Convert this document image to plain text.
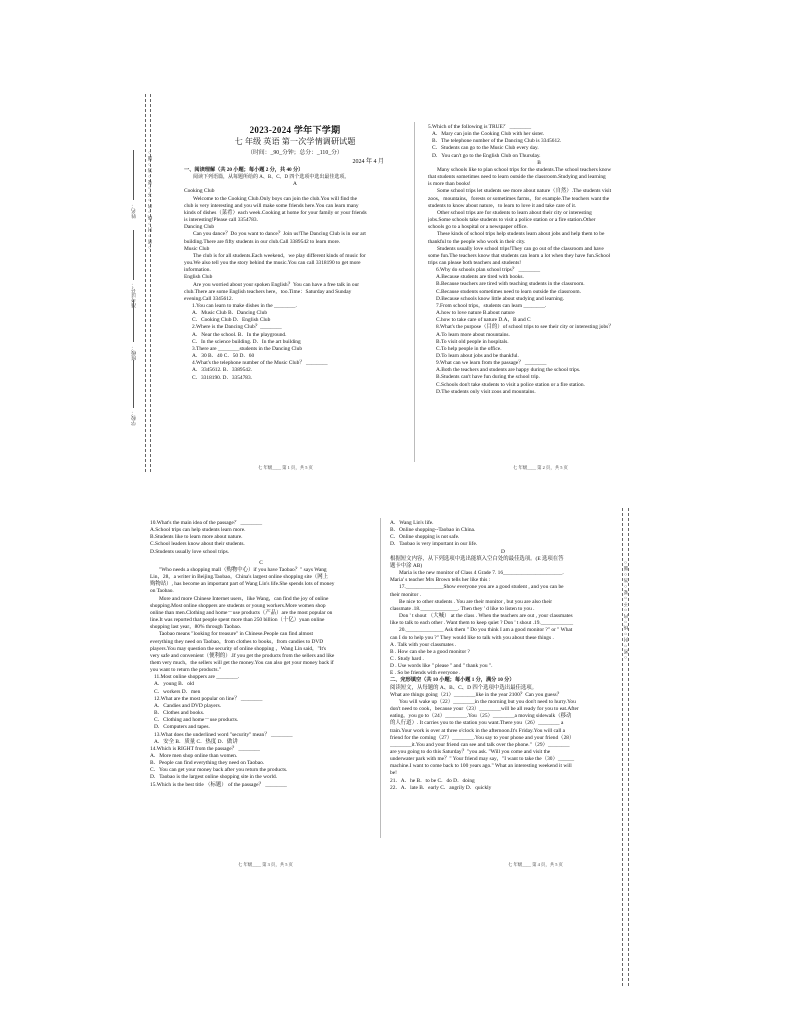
○ 密 ○ 封 ○ 线 ○ 内 ○ 不 ○ 要 ○ 答 ○ 题 ○
姓名：
准考证号：
班级：
学校：
○ 密 ○ 封 ○ 线 ○ 内 ○ 不 ○ 要 ○ 答 ○ 题 ○
2023-2024 学年下学期
七 年级 英语 第一次学情调研试题
（时间：_90_分钟；总分：_110_分）
2024 年 4 月
一、阅读理解（共 20 小题；每小题 2 分，共 40 分）
阅读下列语篇，从每题所给的 A、B、C、D 四个选项中选出最佳选项。
A
Cooking Club
Welcome to the Cooking Club.Only boys can join the club.You will find the
club is very interesting and you will make some friends here.You can learn many
kinds of dishes（菜肴）each week.Cooking at home for your family or your friends
is interesting!Please call 3354783.
Dancing Club
Can you dance？Do you want to dance？Join us!The Dancing Club is in our art
building.There are fifty students in our club.Call 3389542 to learn more.
Music Club
The club is for all students.Each weekend，we play different kinds of music for
you.We also tell you the story behind the music.You can call 3318190 to get more
information.
English Club
Are you worried about your spoken English？You can have a free talk in our
club.There are some English teachers here，too.Time：Saturday and Sunday
evening.Call 3345612.
1.You can learn to make dishes in the ________.
A．Music Club B．Dancing Club
C．Cooking Club D．English Club
2.Where is the Dancing Club？________
A．Near the school. B．In the playground.
C．In the science building. D．In the art building
3.There are ________students in the Dancing Club
A．30 B．40 C．50 D．60
4.What's the telephone number of the Music Club？ ________
A．3345612. B．3389542.
C．3318190. D．3354783.
七 年级____ 第 1 页，共 5 页
5.Which of the following is TRUE？ ________
A．Mary can join the Cooking Club with her sister.
B．The telephone number of the Dancing Club is 3345612.
C．Students can go to the Music Club every day.
D．You can't go to the English Club on Thursday.
B
Many schools like to plan school trips for the students.The school teachers know
that students sometimes need to learn outside the classroom.Studying and learning
is more than books!
Some school trips let students see more about nature（自然）.The students visit
zoos，mountains，forests or sometimes farms，for example.The teachers want the
students to know about nature，to learn to love it and take care of it.
Other school trips are for students to learn about their city or interesting
jobs.Some schools take students to visit a police station or a fire station.Other
schools go to a hospital or a newspaper office.
These kinds of school trips help students learn about jobs and help them to be
thankful to the people who work in their city.
Students usually love school trips!They can go out of the classroom and have
some fun.The teachers know that students can learn a lot when they have fun.School
trips can please both teachers and students!
6.Why do schools plan school trips？ ________
A.Because students are tired with books.
B.Because teachers are tired with teaching students in the classroom.
C.Because students sometimes need to learn outside the classroom.
D.Because schools know little about studying and learning.
7.From school trips，students can learn ________.
A.how to love nature B.about nature
C.how to take care of nature D.A，B and C
8.What's the purpose（目的）of school trips to see their city or interesting jobs？
A.To learn more about mountains.
B.To visit old people in hospitals.
C.To help people in the office.
D.To learn about jobs and be thankful.
9.What can we learn from the passage？ ________
A.Both the teachers and students are happy during the school trips.
B.Students can't have fun during the school trip.
C.Schools don't take students to visit a police station or a fire station.
D.The students only visit zoos and mountains.
七 年级____ 第 2 页，共 5 页
10.What's the main idea of the passage？ ________
A.School trips can help students learn more.
B.Students like to learn more about nature.
C.School leaders know about their students.
D.Students usually love school trips.
C
"Who needs a shopping mall（购物中心）if you have Taobao？" says Wang
Lin，28，a writer in Beijing.Taobao，China's largest online shopping site（网上
购物站）, has become an important part of Wang Lin's life.She spends lots of money
on Taobao.
More and more Chinese Internet users，like Wang，can find the joy of online
shopping.Most online shoppers are students or young workers.More women shop
online than men.Clothing and home－use products（产品）are the most popular on
line.It was reported that people spent more than 250 billion（十亿）yuan online
shopping last year，80% through Taobao.
Taobao means "looking for treasure" in Chinese.People can find almost
everything they need on Taobao，from clothes to books，from candies to DVD
players.You may question the security of online shopping ，Wang Lin said，"It's
very safe and convenient（便利的）.If you get the products from the sellers and like
them very much，the sellers will get the money.You can also get your money back if
you want to return the products."
11.Most online shoppers are ________.
A．young B．old
C．workers D．men
12.What are the most popular on line？ ________
A．Candies and DVD players.
B．Clothes and books.
C．Clothing and home－use products.
D．Computers and tapes.
13.What does the underlined word "security" mean？ ________
A．安全 B．质量 C．热度 D．做讲
14.Which is RIGHT from the passage？ ________
A．More men shop online than women.
B．People can find everything they need on Taobao.
C．You can get your money back after you return the products.
D．Taobao is the largest online shopping site in the world.
15.Which is the best title （标题） of the passage？ ________
七 年级____ 第 3 页，共 5 页
A．Wang Lin's life.
B．Online shopping--Taobao in China.
C．Online shopping is not safe.
D．Taobao is very important in our life.
D
根据短文内容，从下列选项中选出能填入空白处的最佳选项。(E 选项在答
题卡中涂 AB)
Maria is the new monitor of Class 4 Grade 7. 16______________________.
Maria' s teacher Mrs Brown tells her like this :
17.______________Show everyone you are a good student , and you can be
their monitor .
Be nice to other students . You are their monitor , but you are also their
classmate .18.______________. Then they ' d like to listen to you .
Don ' t shout （大喊） at the class . When the teachers are out , your classmates
like to talk to each other . Want them to keep quiet ? Don ' t shout .19.____________
20.______________ Ask them " Do you think I am a good monitor ?" or " What
can I do to help you ?" They would like to talk with you about these things .
A . Talk with your classmates .
B . How can she be a good monitor ?
C . Study hard .
D . Use words like " please " and " thank you ".
E . So be friends with everyone .
二、完形填空（共 10 小题；每小题 1 分，满分 10 分）
阅读短文，从每题的 A、B、C、D 四个选项中选出最佳选项。
What are things going（21）________like in the year 2100？Can you guess？
You will wake up（22）________in the morning but you don't need to hurry.You
don't need to cook，because your（23）________will be all ready for you to eat.After
eating，you go to（24）________.You（25）________a moving sidewalk（移动
的人行道）. It carries you to the station you want.There you（26）________ a
train.Your work is over at three o'clock in the afternoon.It's Friday.You will call a
friend for the coming（27）________.You say to your phone and your friend（28）
________it.You and your friend can see and talk over the phone."（29）________
are you going to do this Saturday？"you ask. "Will you come and visit the
underwater park with me？" Your friend may say，"I want to take the（30）______
machine.I want to come back to 100 years ago." What an interesting weekend it will
be!
21．A．he B．to be C．do D．doing
22．A．late B．early C．angrily D．quickly
七 年级____ 第 4 页，共 5 页
